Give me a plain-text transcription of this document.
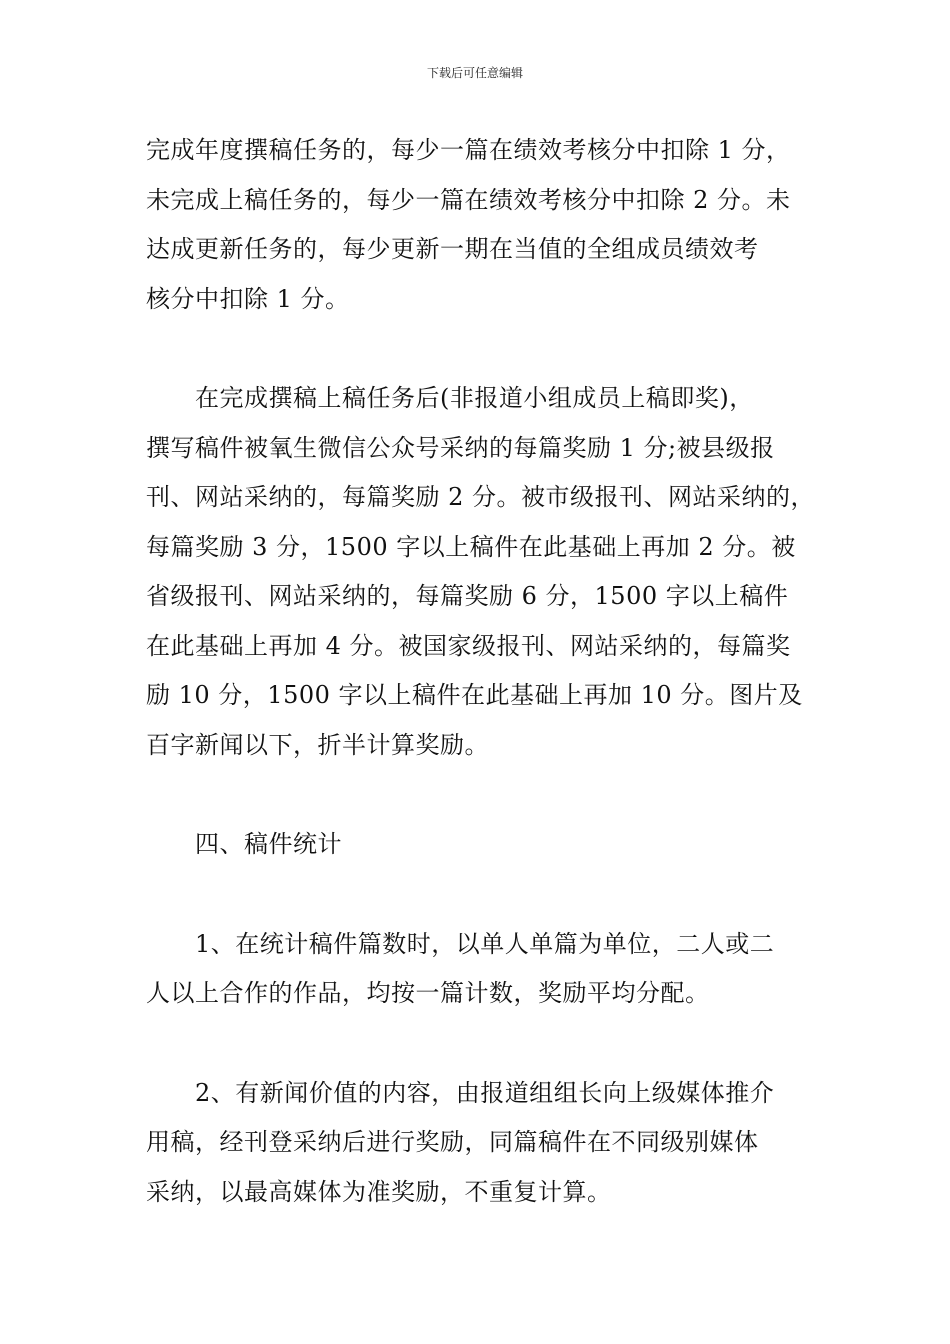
下载后可任意编辑

完成年度撰稿任务的，每少一篇在绩效考核分中扣除 1 分，
未完成上稿任务的，每少一篇在绩效考核分中扣除 2 分。未
达成更新任务的，每少更新一期在当值的全组成员绩效考
核分中扣除 1 分。

　　在完成撰稿上稿任务后(非报道小组成员上稿即奖)，
撰写稿件被氧生微信公众号采纳的每篇奖励 1 分;被县级报
刊、网站采纳的，每篇奖励 2 分。被市级报刊、网站采纳的，
每篇奖励 3 分，1500 字以上稿件在此基础上再加 2 分。被
省级报刊、网站采纳的，每篇奖励 6 分，1500 字以上稿件
在此基础上再加 4 分。被国家级报刊、网站采纳的，每篇奖
励 10 分，1500 字以上稿件在此基础上再加 10 分。图片及
百字新闻以下，折半计算奖励。

　　四、稿件统计

　　1、在统计稿件篇数时，以单人单篇为单位，二人或二
人以上合作的作品，均按一篇计数，奖励平均分配。

　　2、有新闻价值的内容，由报道组组长向上级媒体推介
用稿，经刊登采纳后进行奖励，同篇稿件在不同级别媒体
采纳，以最高媒体为准奖励，不重复计算。
